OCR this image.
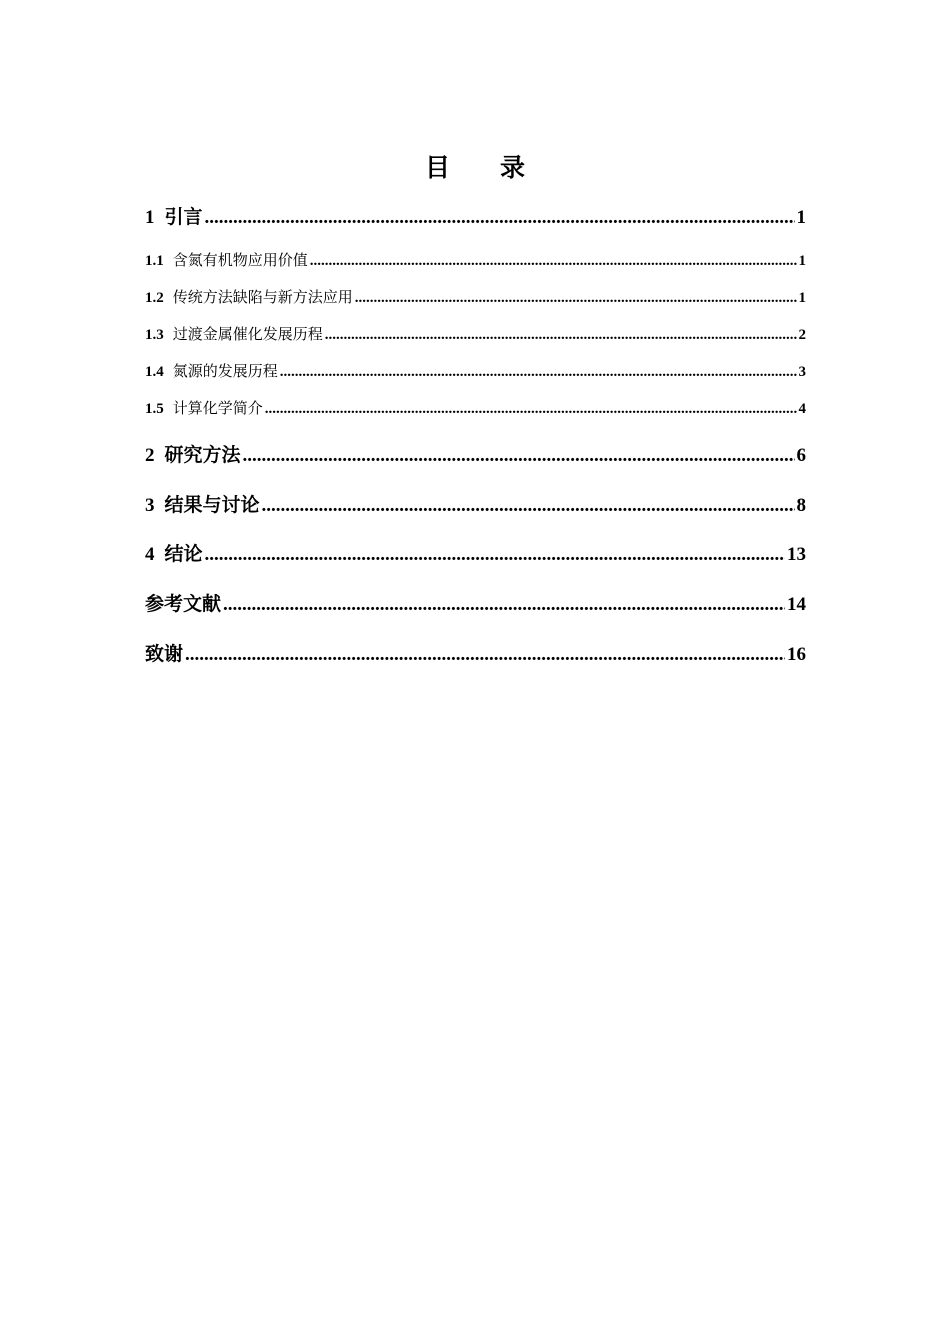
目 录
1 引言 .....	1
1.1 含氮有机物应用价值 .....	1
1.2 传统方法缺陷与新方法应用 .....	1
1.3 过渡金属催化发展历程 .....	2
1.4 氮源的发展历程 .....	3
1.5 计算化学简介 .....	4
2 研究方法 .....	6
3 结果与讨论 .....	8
4 结论 .....	13
参考文献 .....	14
致谢 .....	16
